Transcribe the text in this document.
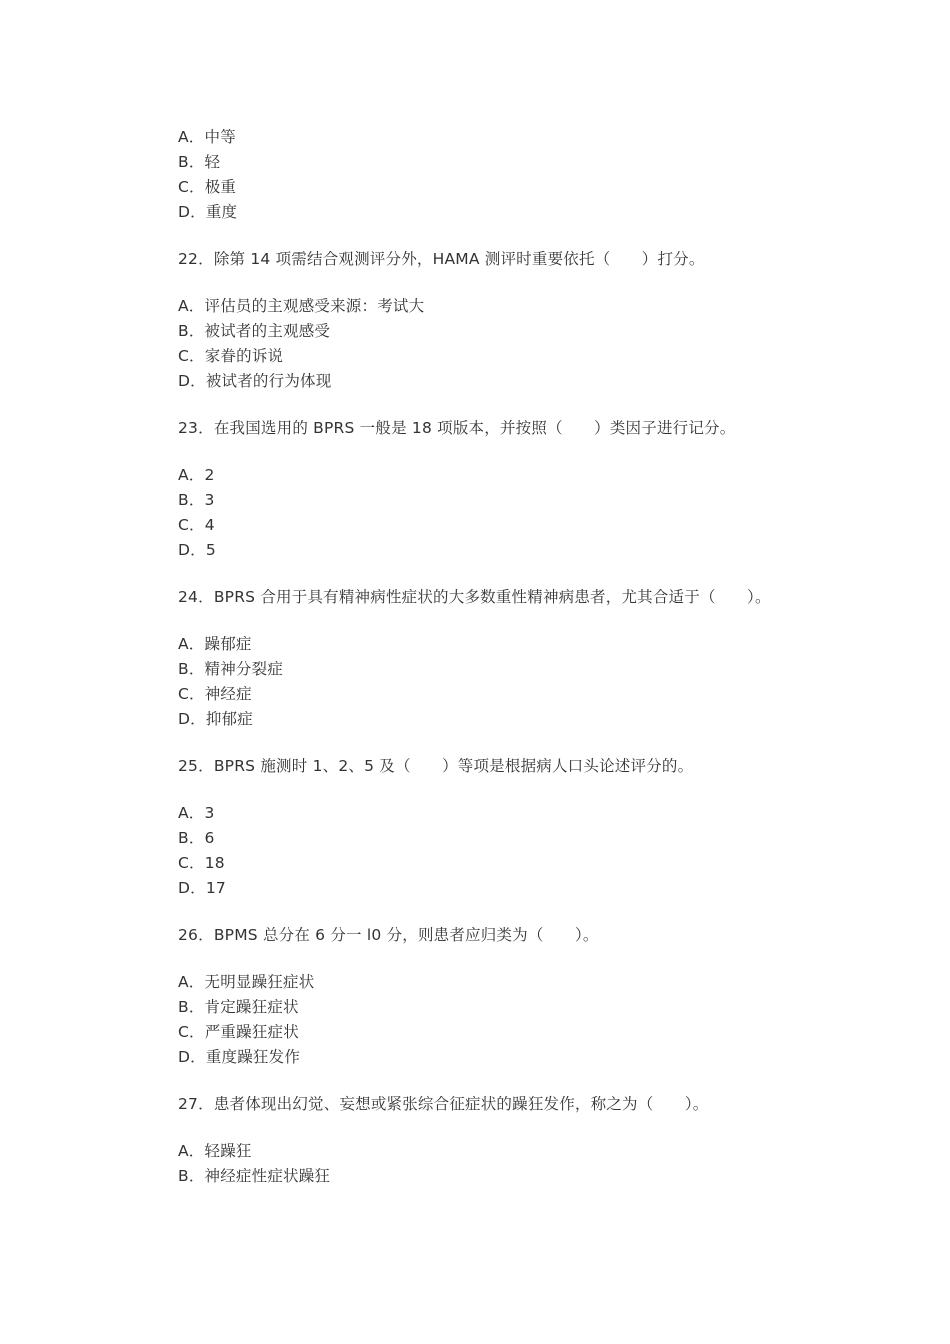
A．中等
B．轻
C．极重
D．重度
22．除第 14 项需结合观测评分外，HAMA 测评时重要依托（　　）打分。
A．评估员的主观感受来源：考试大
B．被试者的主观感受
C．家眷的诉说
D．被试者的行为体现
23．在我国选用的 BPRS 一般是 18 项版本，并按照（　　）类因子进行记分。
A．2
B．3
C．4
D．5
24．BPRS 合用于具有精神病性症状的大多数重性精神病患者，尤其合适于（　　）。
A．躁郁症
B．精神分裂症
C．神经症
D．抑郁症
25．BPRS 施测时 1、2、5 及（　　）等项是根据病人口头论述评分的。
A．3
B．6
C．18
D．17
26．BPMS 总分在 6 分一 l0 分，则患者应归类为（　　）。
A．无明显躁狂症状
B．肯定躁狂症状
C．严重躁狂症状
D．重度躁狂发作
27．患者体现出幻觉、妄想或紧张综合征症状的躁狂发作，称之为（　　）。
A．轻躁狂
B．神经症性症状躁狂
